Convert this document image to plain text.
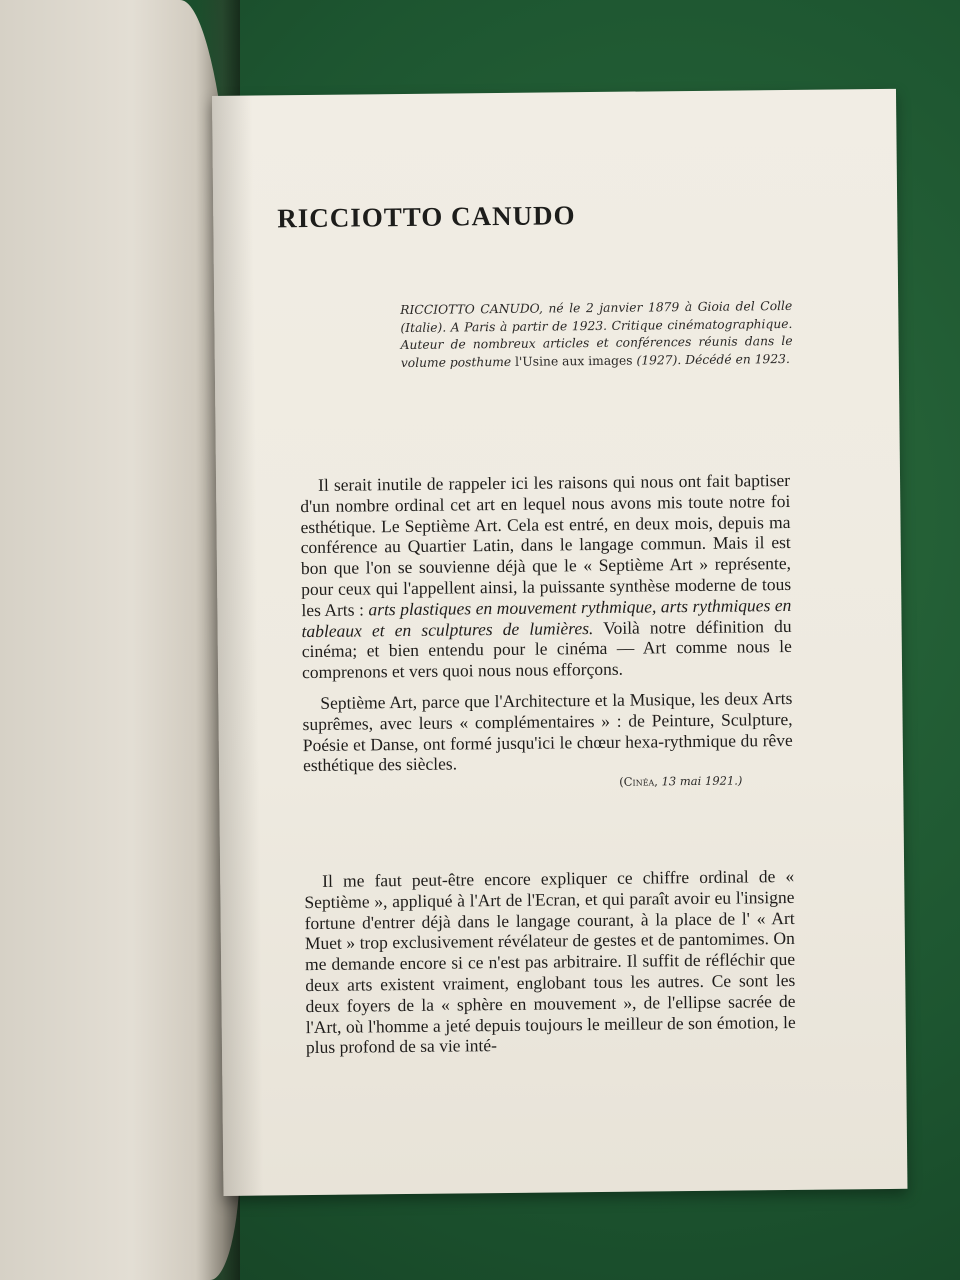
RICCIOTTO CANUDO
RICCIOTTO CANUDO, né le 2 janvier 1879 à Gioia del Colle (Italie). A Paris à partir de 1923. Critique cinématographique. Auteur de nombreux articles et conférences réunis dans le volume posthume l'Usine aux images (1927). Décédé en 1923.

Il serait inutile de rappeler ici les raisons qui nous ont fait baptiser d'un nombre ordinal cet art en lequel nous avons mis toute notre foi esthétique. Le Septième Art. Cela est entré, en deux mois, depuis ma conférence au Quartier Latin, dans le langage commun. Mais il est bon que l'on se souvienne déjà que le « Septième Art » représente, pour ceux qui l'appellent ainsi, la puissante synthèse moderne de tous les Arts : arts plastiques en mouvement rythmique, arts rythmiques en tableaux et en sculptures de lumières. Voilà notre définition du cinéma; et bien entendu pour le cinéma — Art comme nous le comprenons et vers quoi nous nous efforçons.

Septième Art, parce que l'Architecture et la Musique, les deux Arts suprêmes, avec leurs « complémentaires » : de Peinture, Sculpture, Poésie et Danse, ont formé jusqu'ici le chœur hexa-rythmique du rêve esthétique des siècles.

(Cinéa, 13 mai 1921.)

Il me faut peut-être encore expliquer ce chiffre ordinal de « Septième », appliqué à l'Art de l'Ecran, et qui paraît avoir eu l'insigne fortune d'entrer déjà dans le langage courant, à la place de l' « Art Muet » trop exclusivement révélateur de gestes et de pantomimes. On me demande encore si ce n'est pas arbitraire. Il suffit de réfléchir que deux arts existent vraiment, englobant tous les autres. Ce sont les deux foyers de la « sphère en mouvement », de l'ellipse sacrée de l'Art, où l'homme a jeté depuis toujours le meilleur de son émotion, le plus profond de sa vie inté-
